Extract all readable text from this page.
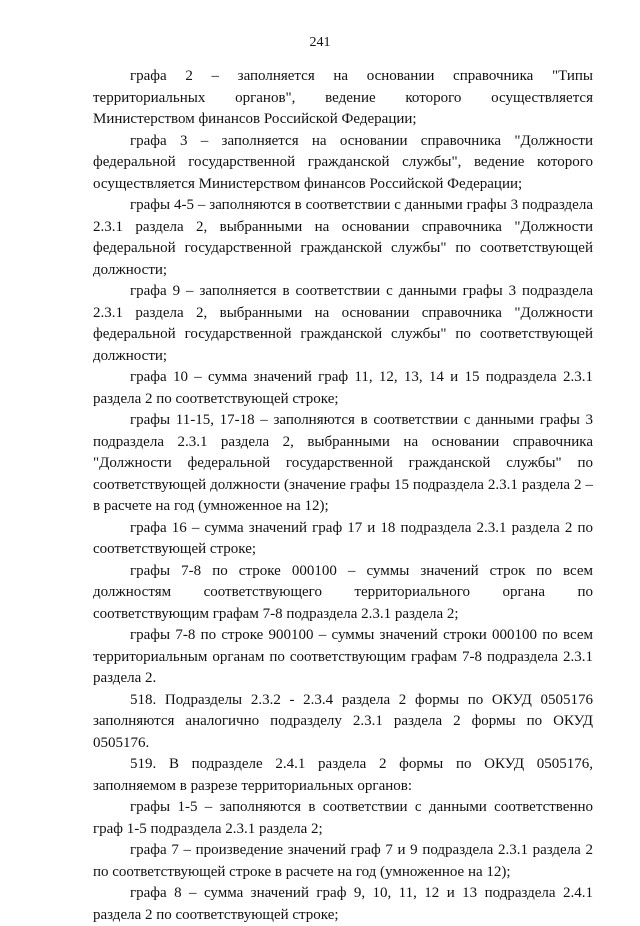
241

графа 2 – заполняется на основании справочника "Типы территориальных органов", ведение которого осуществляется Министерством финансов Российской Федерации;

графа 3 – заполняется на основании справочника "Должности федеральной государственной гражданской службы", ведение которого осуществляется Министерством финансов Российской Федерации;

графы 4-5 – заполняются в соответствии с данными графы 3 подраздела 2.3.1 раздела 2, выбранными на основании справочника "Должности федеральной государственной гражданской службы" по соответствующей должности;

графа 9 – заполняется в соответствии с данными графы 3 подраздела 2.3.1 раздела 2, выбранными на основании справочника "Должности федеральной государственной гражданской службы" по соответствующей должности;

графа 10 – сумма значений граф 11, 12, 13, 14 и 15 подраздела 2.3.1 раздела 2 по соответствующей строке;

графы 11-15, 17-18 – заполняются в соответствии с данными графы 3 подраздела 2.3.1 раздела 2, выбранными на основании справочника "Должности федеральной государственной гражданской службы" по соответствующей должности (значение графы 15 подраздела 2.3.1 раздела 2 – в расчете на год (умноженное на 12);

графа 16 – сумма значений граф 17 и 18 подраздела 2.3.1 раздела 2 по соответствующей строке;

графы 7-8 по строке 000100 – суммы значений строк по всем должностям соответствующего территориального органа по соответствующим графам 7-8 подраздела 2.3.1 раздела 2;

графы 7-8 по строке 900100 – суммы значений строки 000100 по всем территориальным органам по соответствующим графам 7-8 подраздела 2.3.1 раздела 2.

518. Подразделы 2.3.2 - 2.3.4 раздела 2 формы по ОКУД 0505176 заполняются аналогично подразделу 2.3.1 раздела 2 формы по ОКУД 0505176.

519. В подразделе 2.4.1 раздела 2 формы по ОКУД 0505176, заполняемом в разрезе территориальных органов:

графы 1-5 – заполняются в соответствии с данными соответственно граф 1-5 подраздела 2.3.1 раздела 2;

графа 7 – произведение значений граф 7 и 9 подраздела 2.3.1 раздела 2 по соответствующей строке в расчете на год (умноженное на 12);

графа 8 – сумма значений граф 9, 10, 11, 12 и 13 подраздела 2.4.1 раздела 2 по соответствующей строке;
